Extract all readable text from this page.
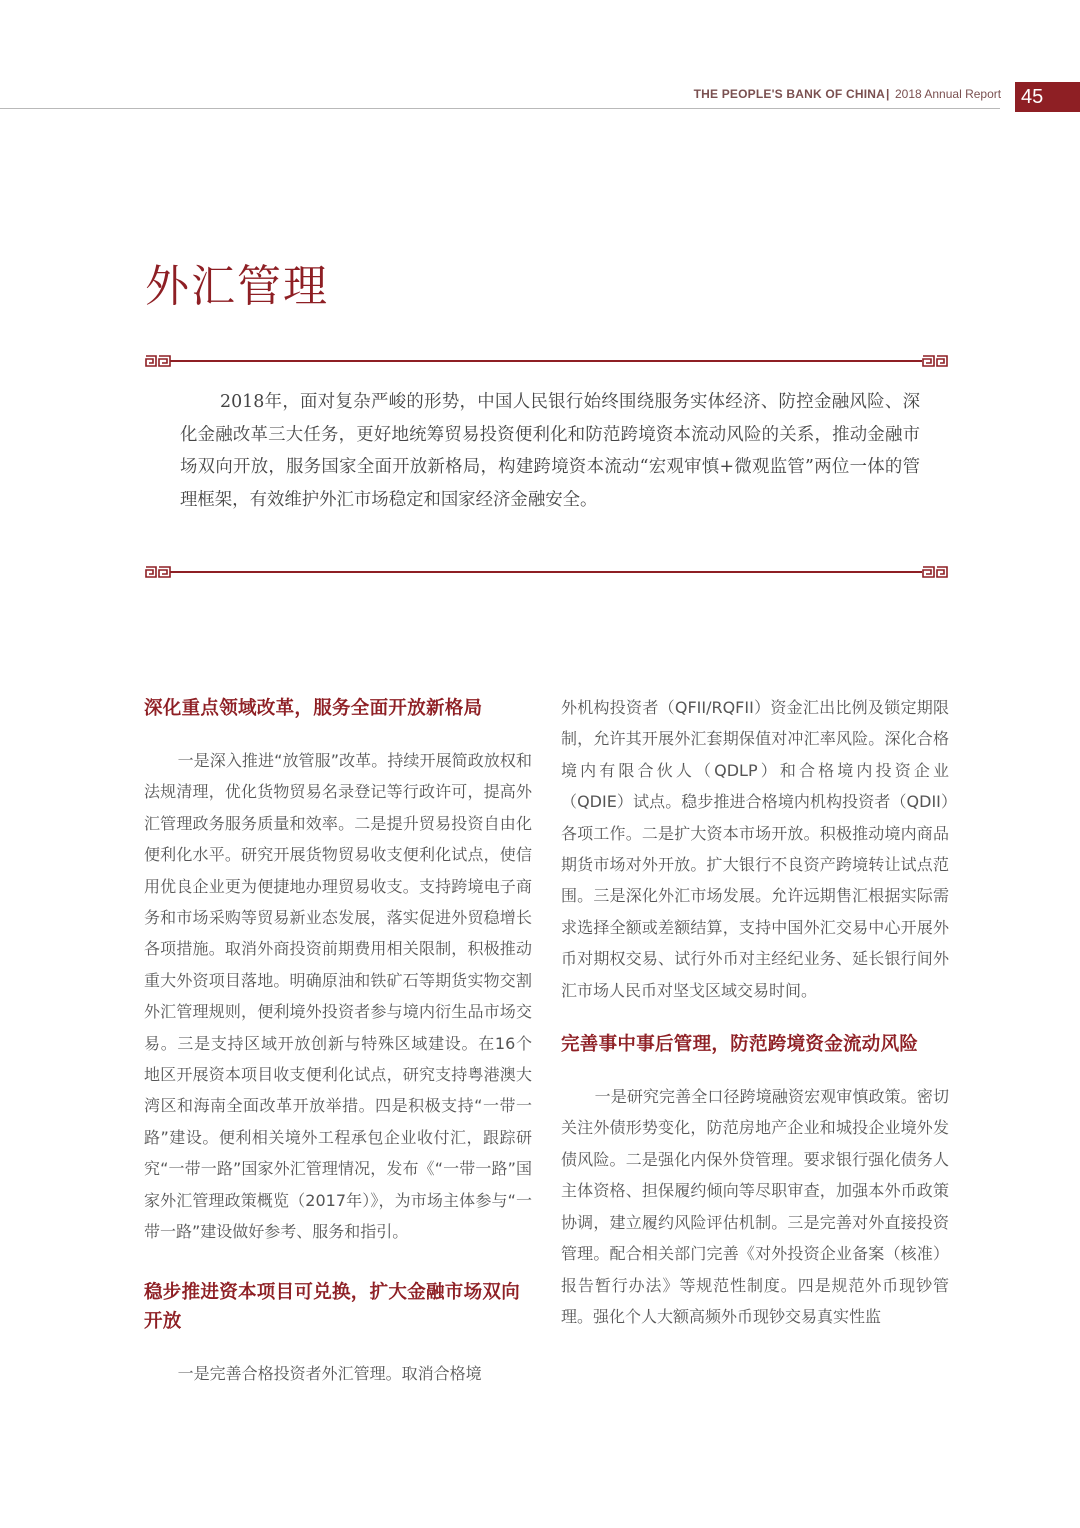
THE PEOPLE'S BANK OF CHINA | 2018 Annual Report 45
外汇管理

2018年，面对复杂严峻的形势，中国人民银行始终围绕服务实体经济、防控金融风险、深化金融改革三大任务，更好地统筹贸易投资便利化和防范跨境资本流动风险的关系，推动金融市场双向开放，服务国家全面开放新格局，构建跨境资本流动“宏观审慎+微观监管”两位一体的管理框架，有效维护外汇市场稳定和国家经济金融安全。

深化重点领域改革，服务全面开放新格局

一是深入推进“放管服”改革。持续开展简政放权和法规清理，优化货物贸易名录登记等行政许可，提高外汇管理政务服务质量和效率。二是提升贸易投资自由化便利化水平。研究开展货物贸易收支便利化试点，使信用优良企业更为便捷地办理贸易收支。支持跨境电子商务和市场采购等贸易新业态发展，落实促进外贸稳增长各项措施。取消外商投资前期费用相关限制，积极推动重大外资项目落地。明确原油和铁矿石等期货实物交割外汇管理规则，便利境外投资者参与境内衍生品市场交易。三是支持区域开放创新与特殊区域建设。在16个地区开展资本项目收支便利化试点，研究支持粤港澳大湾区和海南全面改革开放举措。四是积极支持“一带一路”建设。便利相关境外工程承包企业收付汇，跟踪研究“一带一路”国家外汇管理情况，发布《“一带一路”国家外汇管理政策概览（2017年）》，为市场主体参与“一带一路”建设做好参考、服务和指引。

稳步推进资本项目可兑换，扩大金融市场双向开放

一是完善合格投资者外汇管理。取消合格境

外机构投资者（QFII/RQFII）资金汇出比例及锁定期限制，允许其开展外汇套期保值对冲汇率风险。深化合格境内有限合伙人（QDLP）和合格境内投资企业（QDIE）试点。稳步推进合格境内机构投资者（QDII）各项工作。二是扩大资本市场开放。积极推动境内商品期货市场对外开放。扩大银行不良资产跨境转让试点范围。三是深化外汇市场发展。允许远期售汇根据实际需求选择全额或差额结算，支持中国外汇交易中心开展外币对期权交易、试行外币对主经纪业务、延长银行间外汇市场人民币对坚戈区域交易时间。

完善事中事后管理，防范跨境资金流动风险

一是研究完善全口径跨境融资宏观审慎政策。密切关注外债形势变化，防范房地产企业和城投企业境外发债风险。二是强化内保外贷管理。要求银行强化债务人主体资格、担保履约倾向等尽职审查，加强本外币政策协调，建立履约风险评估机制。三是完善对外直接投资管理。配合相关部门完善《对外投资企业备案（核准）报告暂行办法》等规范性制度。四是规范外币现钞管理。强化个人大额高频外币现钞交易真实性监
